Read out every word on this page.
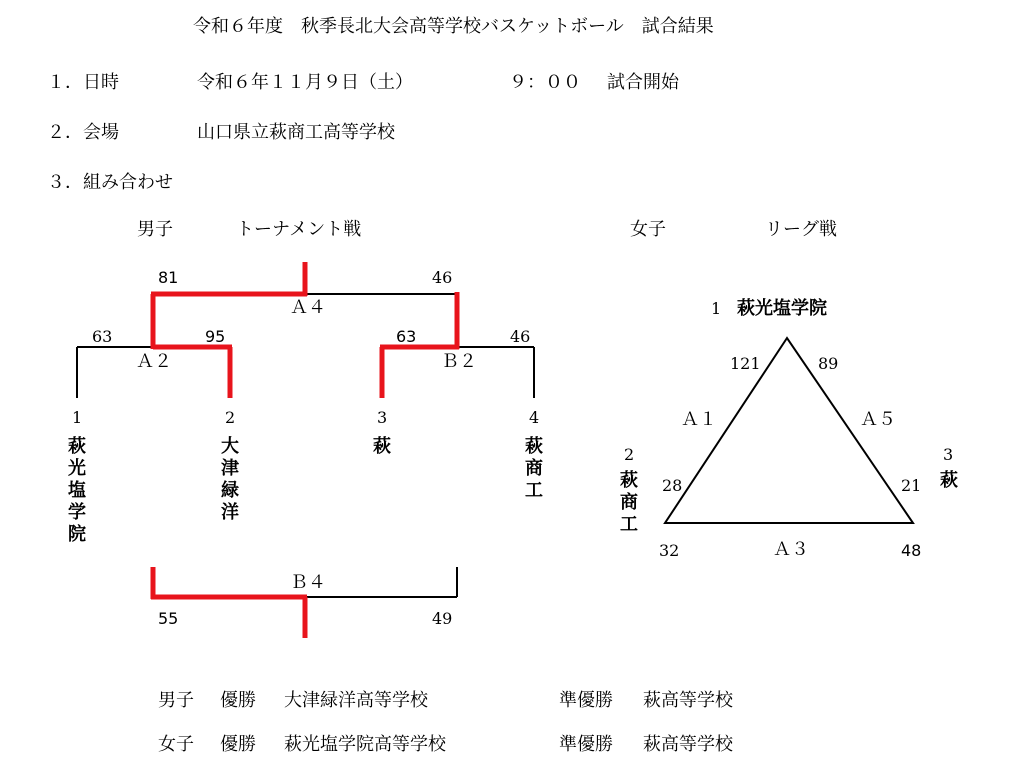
令和６年度　秋季長北大会高等学校バスケットボール　試合結果
１．日時	令和６年１１月９日（土）	９：００ 試合開始
２．会場	山口県立萩商工高等学校
３．組み合わせ
男子	トーナメント戦	女子	リーグ戦
81	46
Ａ４
63	95
Ａ２
63	46
Ｂ２
1	2	3	4
萩光塩学院
大津緑洋
萩	萩商工
Ｂ４
55	49
1 萩光塩学院
121	89
Ａ１	Ａ５
2
萩商工
28
3
萩
21
32	Ａ３	48
男子 優勝 大津緑洋高等学校	準優勝 萩高等学校
女子 優勝 萩光塩学院高等学校	準優勝 萩高等学校
